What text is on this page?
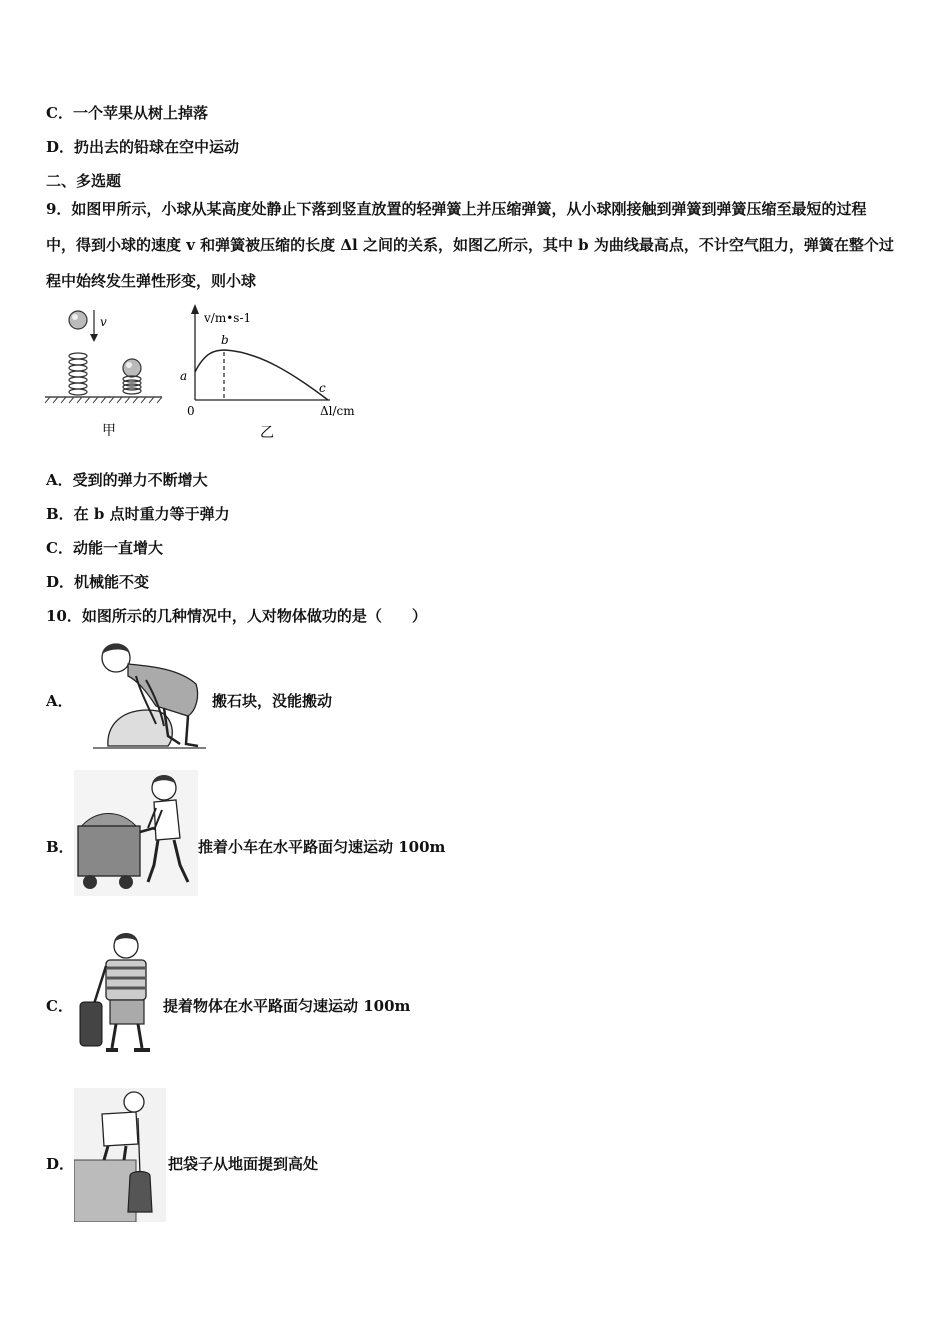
C．一个苹果从树上掉落
D．扔出去的铅球在空中运动
二、多选题
9．如图甲所示，小球从某高度处静止下落到竖直放置的轻弹簧上并压缩弹簧，从小球刚接触到弹簧到弹簧压缩至最短的过程中，得到小球的速度 v 和弹簧被压缩的长度 Δl 之间的关系，如图乙所示，其中 b 为曲线最高点，不计空气阻力，弹簧在整个过程中始终发生弹性形变，则小球
v
甲
v/m•s-1
Δl/cm
0
a
b
c
乙
A．受到的弹力不断增大
B．在 b 点时重力等于弹力
C．动能一直增大
D．机械能不变
10．如图所示的几种情况中，人对物体做功的是（　　）
A．	搬石块，没能搬动
B．	推着小车在水平路面匀速运动 100m
C．	提着物体在水平路面匀速运动 100m
D．	把袋子从地面提到高处
